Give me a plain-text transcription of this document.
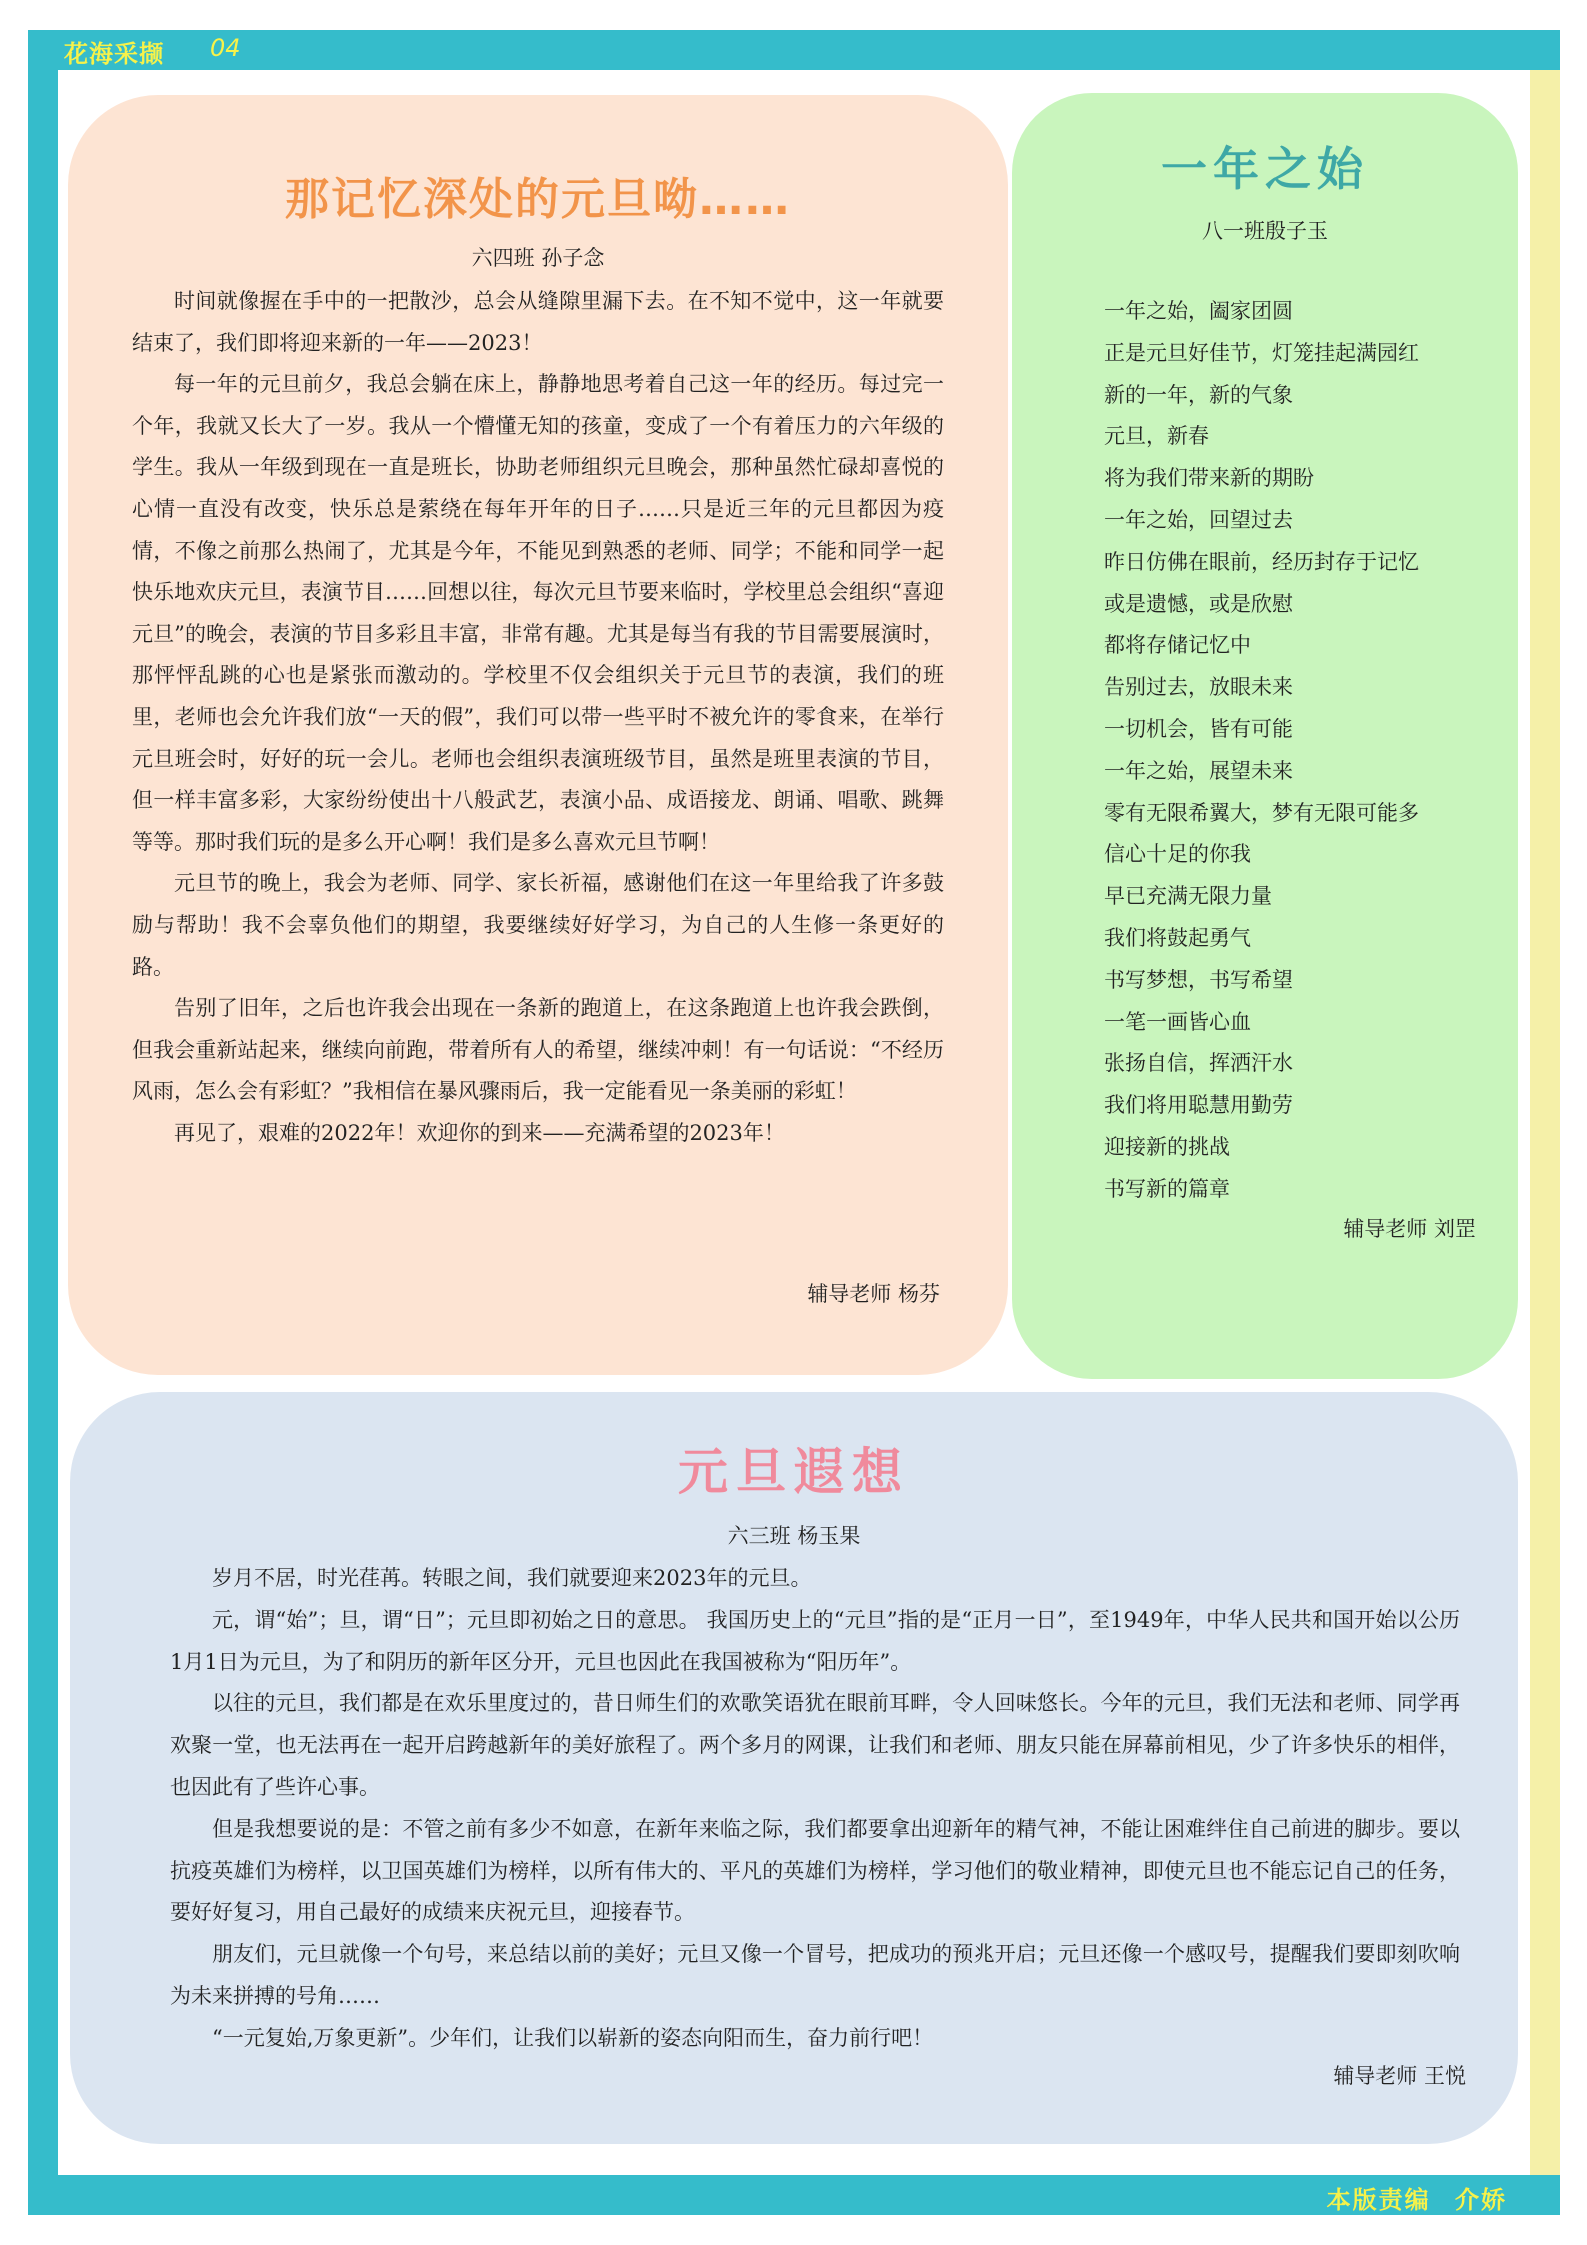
花海采撷 04
本版责编 介娇
那记忆深处的元旦呦……
六四班 孙子念

时间就像握在手中的一把散沙，总会从缝隙里漏下去。在不知不觉中，这一年就要结束了，我们即将迎来新的一年——2023！

每一年的元旦前夕，我总会躺在床上，静静地思考着自己这一年的经历。每过完一个年，我就又长大了一岁。我从一个懵懂无知的孩童，变成了一个有着压力的六年级的学生。我从一年级到现在一直是班长，协助老师组织元旦晚会，那种虽然忙碌却喜悦的心情一直没有改变，快乐总是萦绕在每年开年的日子……只是近三年的元旦都因为疫情，不像之前那么热闹了，尤其是今年，不能见到熟悉的老师、同学；不能和同学一起快乐地欢庆元旦，表演节目……回想以往，每次元旦节要来临时，学校里总会组织“喜迎元旦”的晚会，表演的节目多彩且丰富，非常有趣。尤其是每当有我的节目需要展演时，那怦怦乱跳的心也是紧张而激动的。学校里不仅会组织关于元旦节的表演，我们的班里，老师也会允许我们放“一天的假”，我们可以带一些平时不被允许的零食来，在举行元旦班会时，好好的玩一会儿。老师也会组织表演班级节目，虽然是班里表演的节目，但一样丰富多彩，大家纷纷使出十八般武艺，表演小品、成语接龙、朗诵、唱歌、跳舞等等。那时我们玩的是多么开心啊！我们是多么喜欢元旦节啊！

元旦节的晚上，我会为老师、同学、家长祈福，感谢他们在这一年里给我了许多鼓励与帮助！我不会辜负他们的期望，我要继续好好学习，为自己的人生修一条更好的路。

告别了旧年，之后也许我会出现在一条新的跑道上，在这条跑道上也许我会跌倒，但我会重新站起来，继续向前跑，带着所有人的希望，继续冲刺！有一句话说：“不经历风雨，怎么会有彩虹？”我相信在暴风骤雨后，我一定能看见一条美丽的彩虹！

再见了，艰难的2022年！欢迎你的到来——充满希望的2023年！

辅导老师 杨芬
一年之始
八一班殷子玉
一年之始，阖家团圆
正是元旦好佳节，灯笼挂起满园红
新的一年，新的气象
元旦，新春
将为我们带来新的期盼
一年之始，回望过去
昨日仿佛在眼前，经历封存于记忆
或是遗憾，或是欣慰
都将存储记忆中
告别过去，放眼未来
一切机会，皆有可能
一年之始，展望未来
零有无限希翼大，梦有无限可能多
信心十足的你我
早已充满无限力量
我们将鼓起勇气
书写梦想，书写希望
一笔一画皆心血
张扬自信，挥洒汗水
我们将用聪慧用勤劳
迎接新的挑战
书写新的篇章
辅导老师 刘罡
元旦遐想
六三班 杨玉果

岁月不居，时光荏苒。转眼之间，我们就要迎来2023年的元旦。

元，谓“始”；旦，谓“日”；元旦即初始之日的意思。 我国历史上的“元旦”指的是“正月一日”，至1949年，中华人民共和国开始以公历1月1日为元旦，为了和阴历的新年区分开，元旦也因此在我国被称为“阳历年”。

以往的元旦，我们都是在欢乐里度过的，昔日师生们的欢歌笑语犹在眼前耳畔，令人回味悠长。今年的元旦，我们无法和老师、同学再欢聚一堂，也无法再在一起开启跨越新年的美好旅程了。两个多月的网课，让我们和老师、朋友只能在屏幕前相见，少了许多快乐的相伴，也因此有了些许心事。

但是我想要说的是：不管之前有多少不如意，在新年来临之际，我们都要拿出迎新年的精气神，不能让困难绊住自己前进的脚步。要以抗疫英雄们为榜样，以卫国英雄们为榜样，以所有伟大的、平凡的英雄们为榜样，学习他们的敬业精神，即使元旦也不能忘记自己的任务，要好好复习，用自己最好的成绩来庆祝元旦，迎接春节。

朋友们，元旦就像一个句号，来总结以前的美好；元旦又像一个冒号，把成功的预兆开启；元旦还像一个感叹号，提醒我们要即刻吹响为未来拼搏的号角……

“一元复始,万象更新”。少年们，让我们以崭新的姿态向阳而生，奋力前行吧！

辅导老师 王悦
